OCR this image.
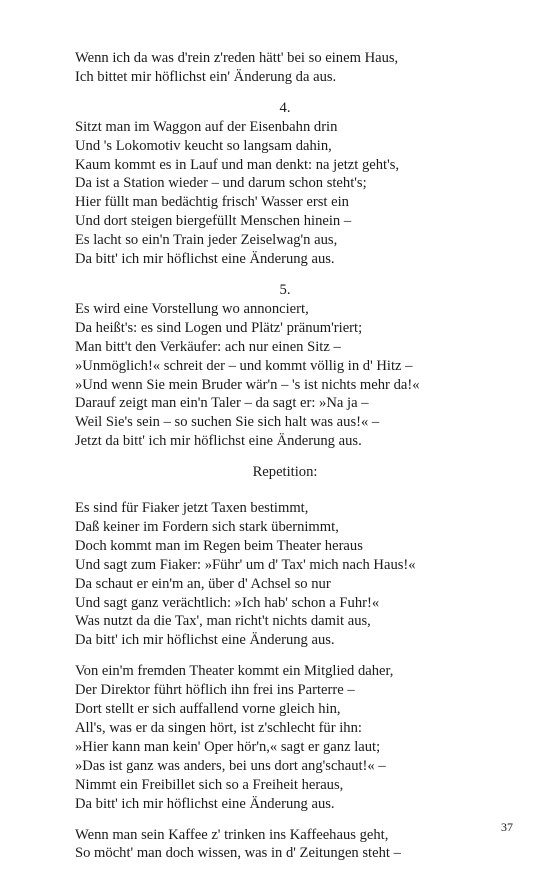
Wenn ich da was d'rein z'reden hätt' bei so einem Haus,
Ich bittet mir höflichst ein' Änderung da aus.
4.
Sitzt man im Waggon auf der Eisenbahn drin
Und 's Lokomotiv keucht so langsam dahin,
Kaum kommt es in Lauf und man denkt: na jetzt geht's,
Da ist a Station wieder – und darum schon steht's;
Hier füllt man bedächtig frisch' Wasser erst ein
Und dort steigen biergefüllt Menschen hinein –
Es lacht so ein'n Train jeder Zeiselwag'n aus,
Da bitt' ich mir höflichst eine Änderung aus.
5.
Es wird eine Vorstellung wo annonciert,
Da heißt's: es sind Logen und Plätz' pränum'riert;
Man bitt't den Verkäufer: ach nur einen Sitz –
»Unmöglich!« schreit der – und kommt völlig in d' Hitz –
»Und wenn Sie mein Bruder wär'n – 's ist nichts mehr da!«
Darauf zeigt man ein'n Taler – da sagt er: »Na ja –
Weil Sie's sein – so suchen Sie sich halt was aus!« –
Jetzt da bitt' ich mir höflichst eine Änderung aus.
Repetition:
Es sind für Fiaker jetzt Taxen bestimmt,
Daß keiner im Fordern sich stark übernimmt,
Doch kommt man im Regen beim Theater heraus
Und sagt zum Fiaker: »Führ' um d' Tax' mich nach Haus!«
Da schaut er ein'm an, über d' Achsel so nur
Und sagt ganz verächtlich: »Ich hab' schon a Fuhr!«
Was nutzt da die Tax', man richt't nichts damit aus,
Da bitt' ich mir höflichst eine Änderung aus.
Von ein'm fremden Theater kommt ein Mitglied daher,
Der Direktor führt höflich ihn frei ins Parterre –
Dort stellt er sich auffallend vorne gleich hin,
All's, was er da singen hört, ist z'schlecht für ihn:
»Hier kann man kein' Oper hör'n,« sagt er ganz laut;
»Das ist ganz was anders, bei uns dort ang'schaut!« –
Nimmt ein Freibillet sich so a Freiheit heraus,
Da bitt' ich mir höflichst eine Änderung aus.
Wenn man sein Kaffee z' trinken ins Kaffeehaus geht,
So möcht' man doch wissen, was in d' Zeitungen steht –
37
